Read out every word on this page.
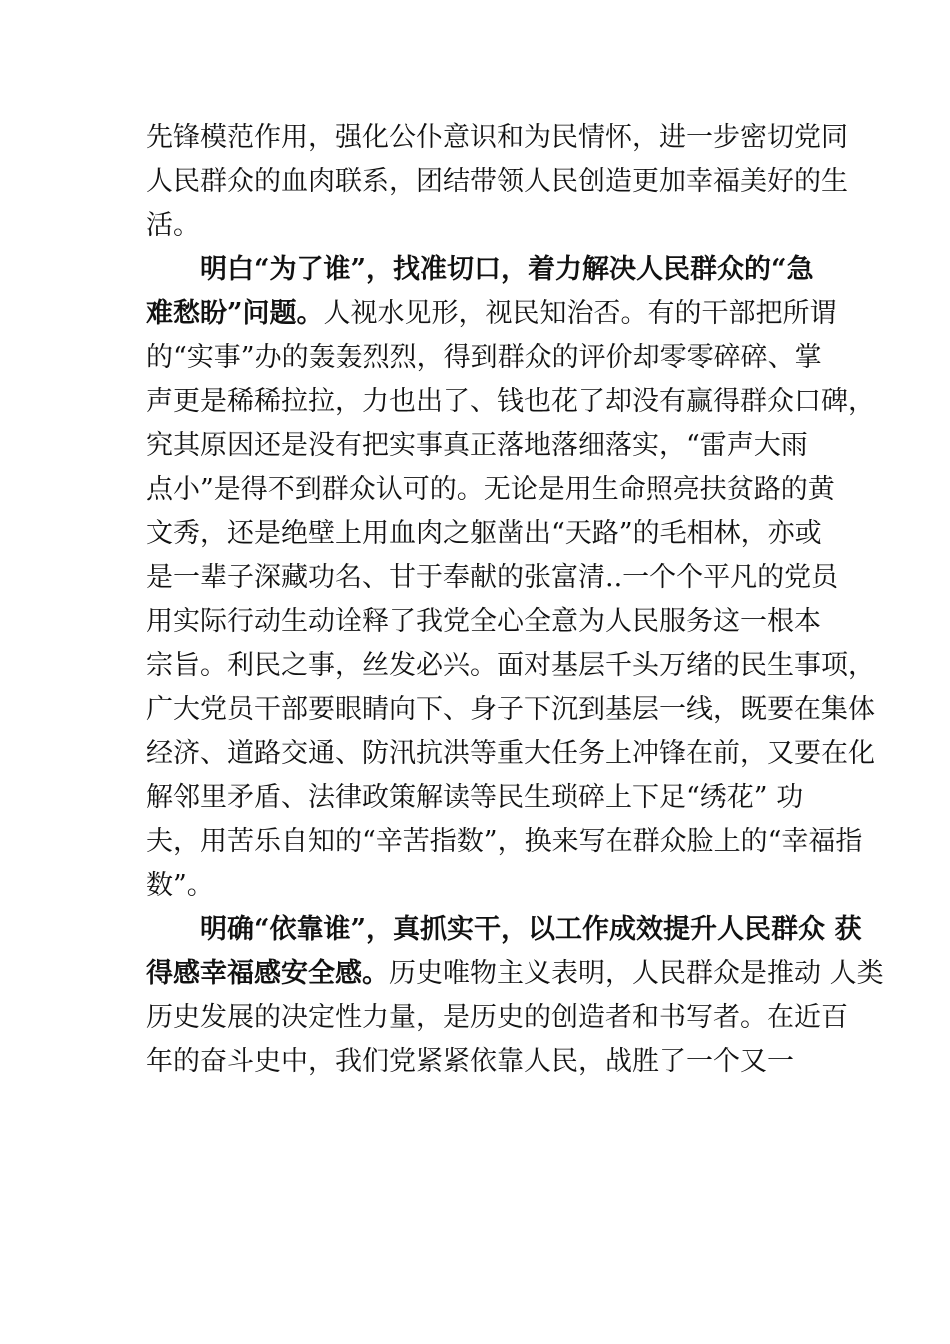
先锋模范作用，强化公仆意识和为民情怀，进一步密切党同
人民群众的血肉联系，团结带领人民创造更加幸福美好的生
活。
明白“为了谁”，找准切口，着力解决人民群众的“急
难愁盼”问题。人视水见形，视民知治否。有的干部把所谓
的“实事”办的轰轰烈烈，得到群众的评价却零零碎碎、掌
声更是稀稀拉拉，力也出了、钱也花了却没有赢得群众口碑，
究其原因还是没有把实事真正落地落细落实，“雷声大雨
点小”是得不到群众认可的。无论是用生命照亮扶贫路的黄
文秀，还是绝壁上用血肉之躯凿出“天路”的毛相林，亦或
是一辈子深藏功名、甘于奉献的张富清..一个个平凡的党员
用实际行动生动诠释了我党全心全意为人民服务这一根本
宗旨。利民之事，丝发必兴。面对基层千头万绪的民生事项，
广大党员干部要眼睛向下、身子下沉到基层一线，既要在集体
经济、道路交通、防汛抗洪等重大任务上冲锋在前，又要在化
解邻里矛盾、法律政策解读等民生琐碎上下足“绣花” 功
夫，用苦乐自知的“辛苦指数”，换来写在群众脸上的“幸福指
数”。
明确“依靠谁”，真抓实干，以工作成效提升人民群众 获
得感幸福感安全感。历史唯物主义表明，人民群众是推动 人类
历史发展的决定性力量，是历史的创造者和书写者。在近百
年的奋斗史中，我们党紧紧依靠人民，战胜了一个又一
